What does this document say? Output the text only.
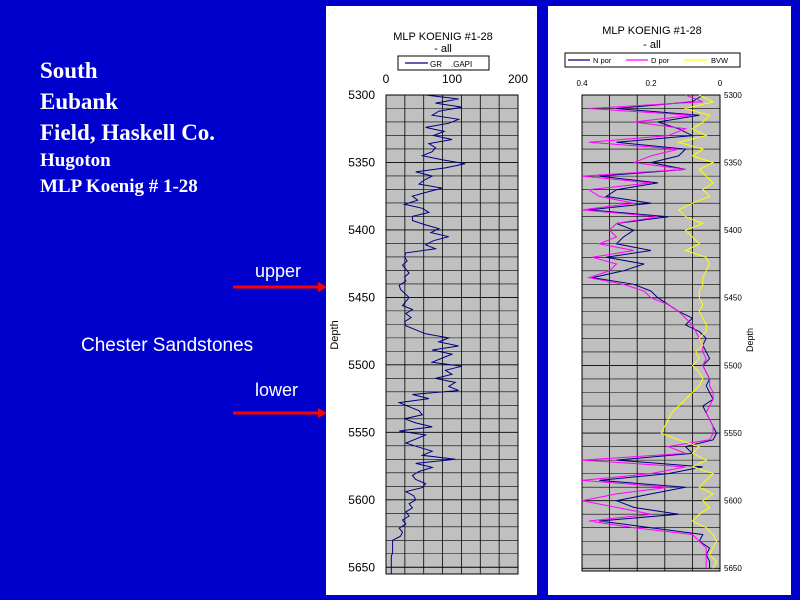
South
Eubank
Field, Haskell Co.
Hugoton
MLP Koenig # 1-28
upper
lower
Chester Sandstones
MLP KOENIG #1-28
- all
GR    .GAPI
0	100	200
5300
5350
5400
5450
5500
5550
5600
5650
Depth
MLP KOENIG #1-28
- all
N por	D por	BVW
0.4	0.2	0
5300
5350
5400
5450
5500
5550
5600
5650
Depth
